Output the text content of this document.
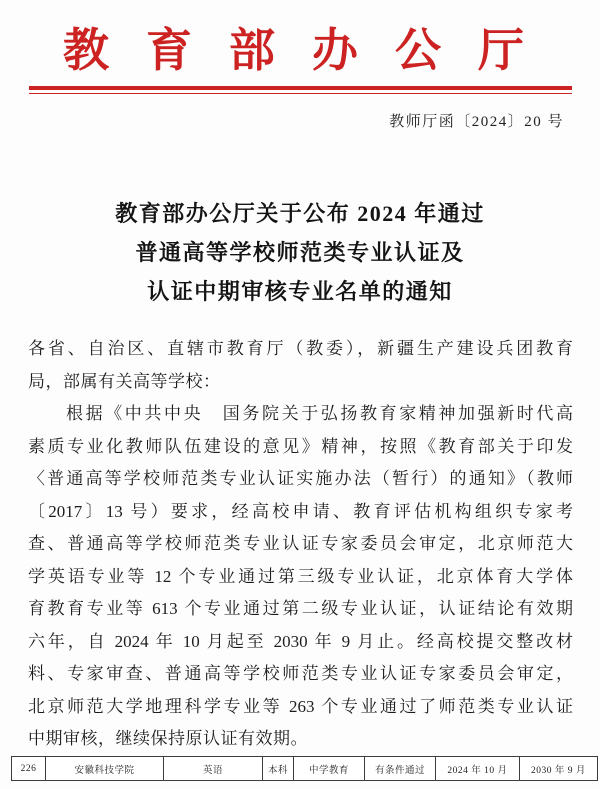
教育部办公厅
教师厅函〔2024〕20 号
教育部办公厅关于公布 2024 年通过
普通高等学校师范类专业认证及
认证中期审核专业名单的通知
各省、自治区、直辖市教育厅（教委），新疆生产建设兵团教育
局，部属有关高等学校：
根据《中共中央　国务院关于弘扬教育家精神加强新时代高
素质专业化教师队伍建设的意见》精神，按照《教育部关于印发
〈普通高等学校师范类专业认证实施办法（暂行）的通知》（教师
〔2017〕13 号）要求，经高校申请、教育评估机构组织专家考
查、普通高等学校师范类专业认证专家委员会审定，北京师范大
学英语专业等 12 个专业通过第三级专业认证，北京体育大学体
育教育专业等 613 个专业通过第二级专业认证，认证结论有效期
六年，自 2024 年 10 月起至 2030 年 9 月止。经高校提交整改材
料、专家审查、普通高等学校师范类专业认证专家委员会审定，
北京师范大学地理科学专业等 263 个专业通过了师范类专业认证
中期审核，继续保持原认证有效期。
226	安徽科技学院	英语	本科	中学教育	有条件通过	2024 年 10 月	2030 年 9 月
